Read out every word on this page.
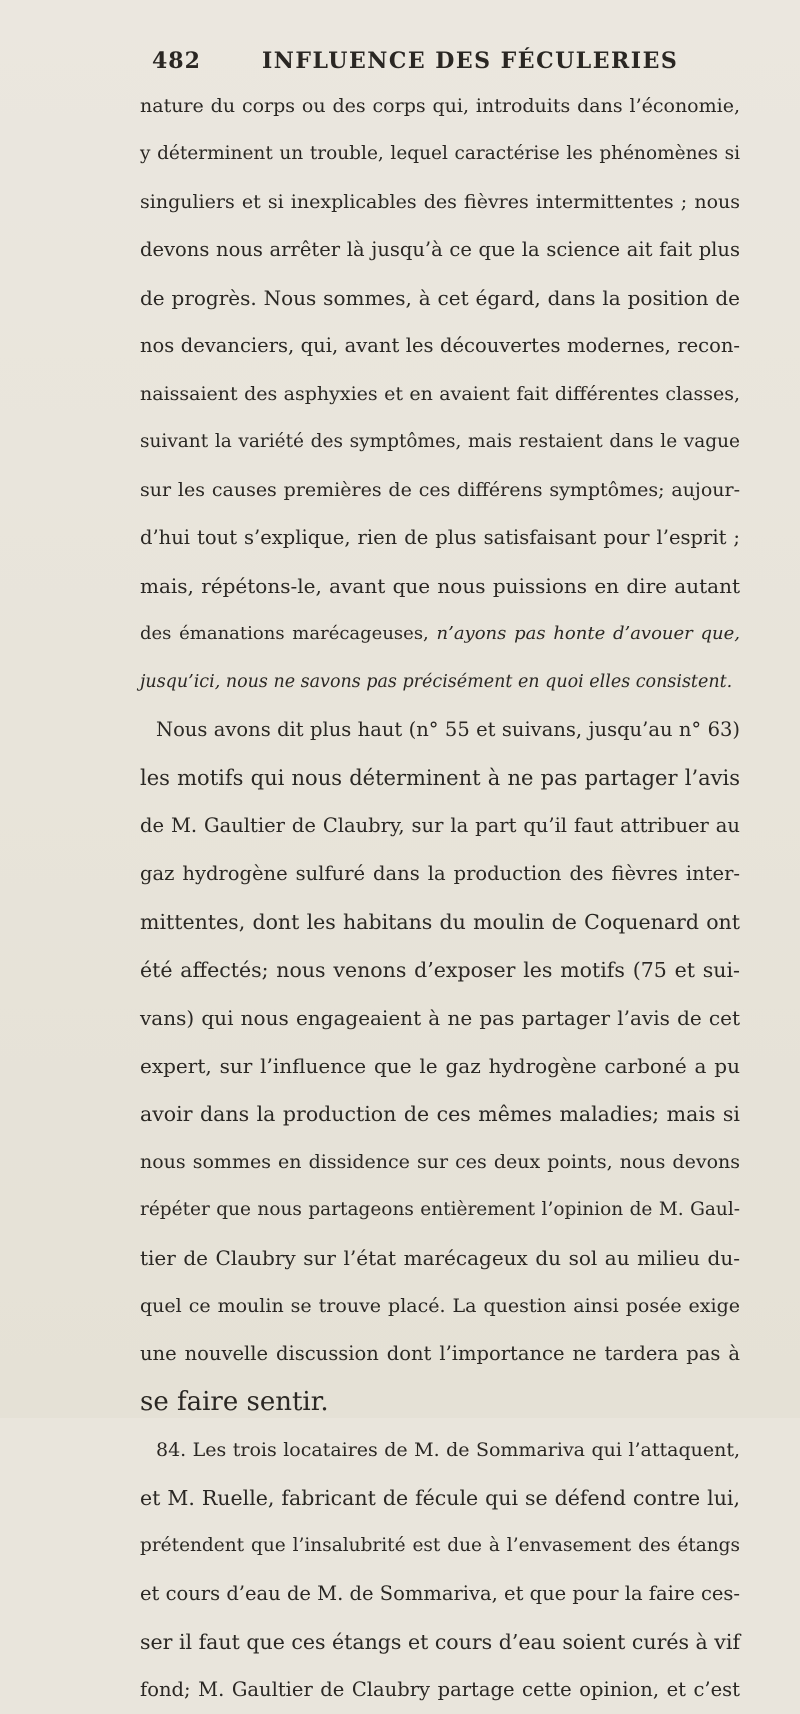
482	INFLUENCE DES FÉCULERIES
nature du corps ou des corps qui, introduits dans l’économie,
y déterminent un trouble, lequel caractérise les phénomènes si
singuliers et si inexplicables des fièvres intermittentes ; nous
devons nous arrêter là jusqu’à ce que la science ait fait plus
de progrès. Nous sommes, à cet égard, dans la position de
nos devanciers, qui, avant les découvertes modernes, recon-
naissaient des asphyxies et en avaient fait différentes classes,
suivant la variété des symptômes, mais restaient dans le vague
sur les causes premières de ces différens symptômes; aujour-
d’hui tout s’explique, rien de plus satisfaisant pour l’esprit ;
mais, répétons-le, avant que nous puissions en dire autant
des émanations marécageuses, n’ayons pas honte d’avouer que,
jusqu’ici, nous ne savons pas précisément en quoi elles consistent.
Nous avons dit plus haut (n° 55 et suivans, jusqu’au n° 63)
les motifs qui nous déterminent à ne pas partager l’avis
de M. Gaultier de Claubry, sur la part qu’il faut attribuer au
gaz hydrogène sulfuré dans la production des fièvres inter-
mittentes, dont les habitans du moulin de Coquenard ont
été affectés; nous venons d’exposer les motifs (75 et sui-
vans) qui nous engageaient à ne pas partager l’avis de cet
expert, sur l’influence que le gaz hydrogène carboné a pu
avoir dans la production de ces mêmes maladies; mais si
nous sommes en dissidence sur ces deux points, nous devons
répéter que nous partageons entièrement l’opinion de M. Gaul-
tier de Claubry sur l’état marécageux du sol au milieu du-
quel ce moulin se trouve placé. La question ainsi posée exige
une nouvelle discussion dont l’importance ne tardera pas à
se faire sentir.
84. Les trois locataires de M. de Sommariva qui l’attaquent,
et M. Ruelle, fabricant de fécule qui se défend contre lui,
prétendent que l’insalubrité est due à l’envasement des étangs
et cours d’eau de M. de Sommariva, et que pour la faire ces-
ser il faut que ces étangs et cours d’eau soient curés à vif
fond; M. Gaultier de Claubry partage cette opinion, et c’est
